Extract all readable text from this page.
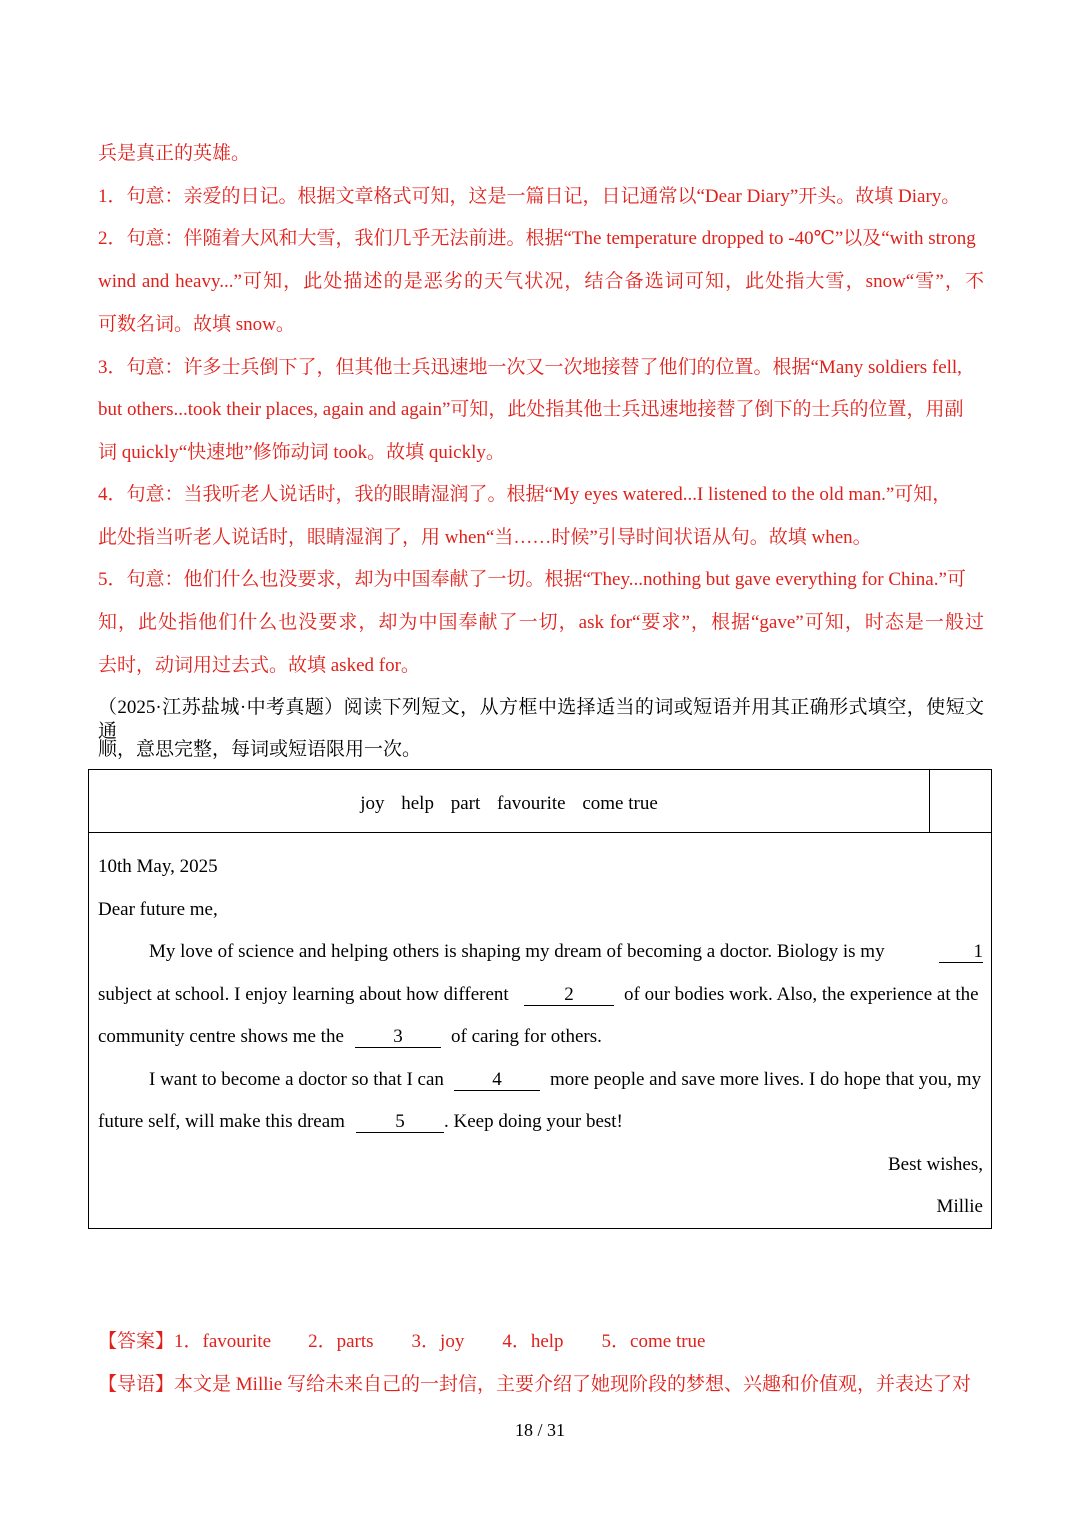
兵是真正的英雄。
1．句意：亲爱的日记。根据文章格式可知，这是一篇日记，日记通常以“Dear Diary”开头。故填 Diary。
2．句意：伴随着大风和大雪，我们几乎无法前进。根据“The temperature dropped to -40℃”以及“with strong
wind and heavy...”可知，此处描述的是恶劣的天气状况，结合备选词可知，此处指大雪，snow“雪”，不
可数名词。故填 snow。
3．句意：许多士兵倒下了，但其他士兵迅速地一次又一次地接替了他们的位置。根据“Many soldiers fell,
but others...took their places, again and again”可知，此处指其他士兵迅速地接替了倒下的士兵的位置，用副
词 quickly“快速地”修饰动词 took。故填 quickly。
4．句意：当我听老人说话时，我的眼睛湿润了。根据“My eyes watered...I listened to the old man.”可知，
此处指当听老人说话时，眼睛湿润了，用 when“当……时候”引导时间状语从句。故填 when。
5．句意：他们什么也没要求，却为中国奉献了一切。根据“They...nothing but gave everything for China.”可
知，此处指他们什么也没要求，却为中国奉献了一切，ask for“要求”，根据“gave”可知，时态是一般过
去时，动词用过去式。故填 asked for。
（2025·江苏盐城·中考真题）阅读下列短文，从方框中选择适当的词或短语并用其正确形式填空，使短文通
顺，意思完整，每词或短语限用一次。
joy help part favourite come true
10th May, 2025
Dear future me,
My love of science and helping others is shaping my dream of becoming a doctor. Biology is my	1
subject at school. I enjoy learning about how different	2	of our bodies work. Also, the experience at the
community centre shows me the	3	of caring for others.
I want to become a doctor so that I can	4	more people and save more lives. I do hope that you, my
future self, will make this dream	5	. Keep doing your best!
Best wishes,
Millie
【答案】1．favourite 2．parts 3．joy 4．help 5．come true
【导语】本文是 Millie 写给未来自己的一封信，主要介绍了她现阶段的梦想、兴趣和价值观，并表达了对
18 / 31
